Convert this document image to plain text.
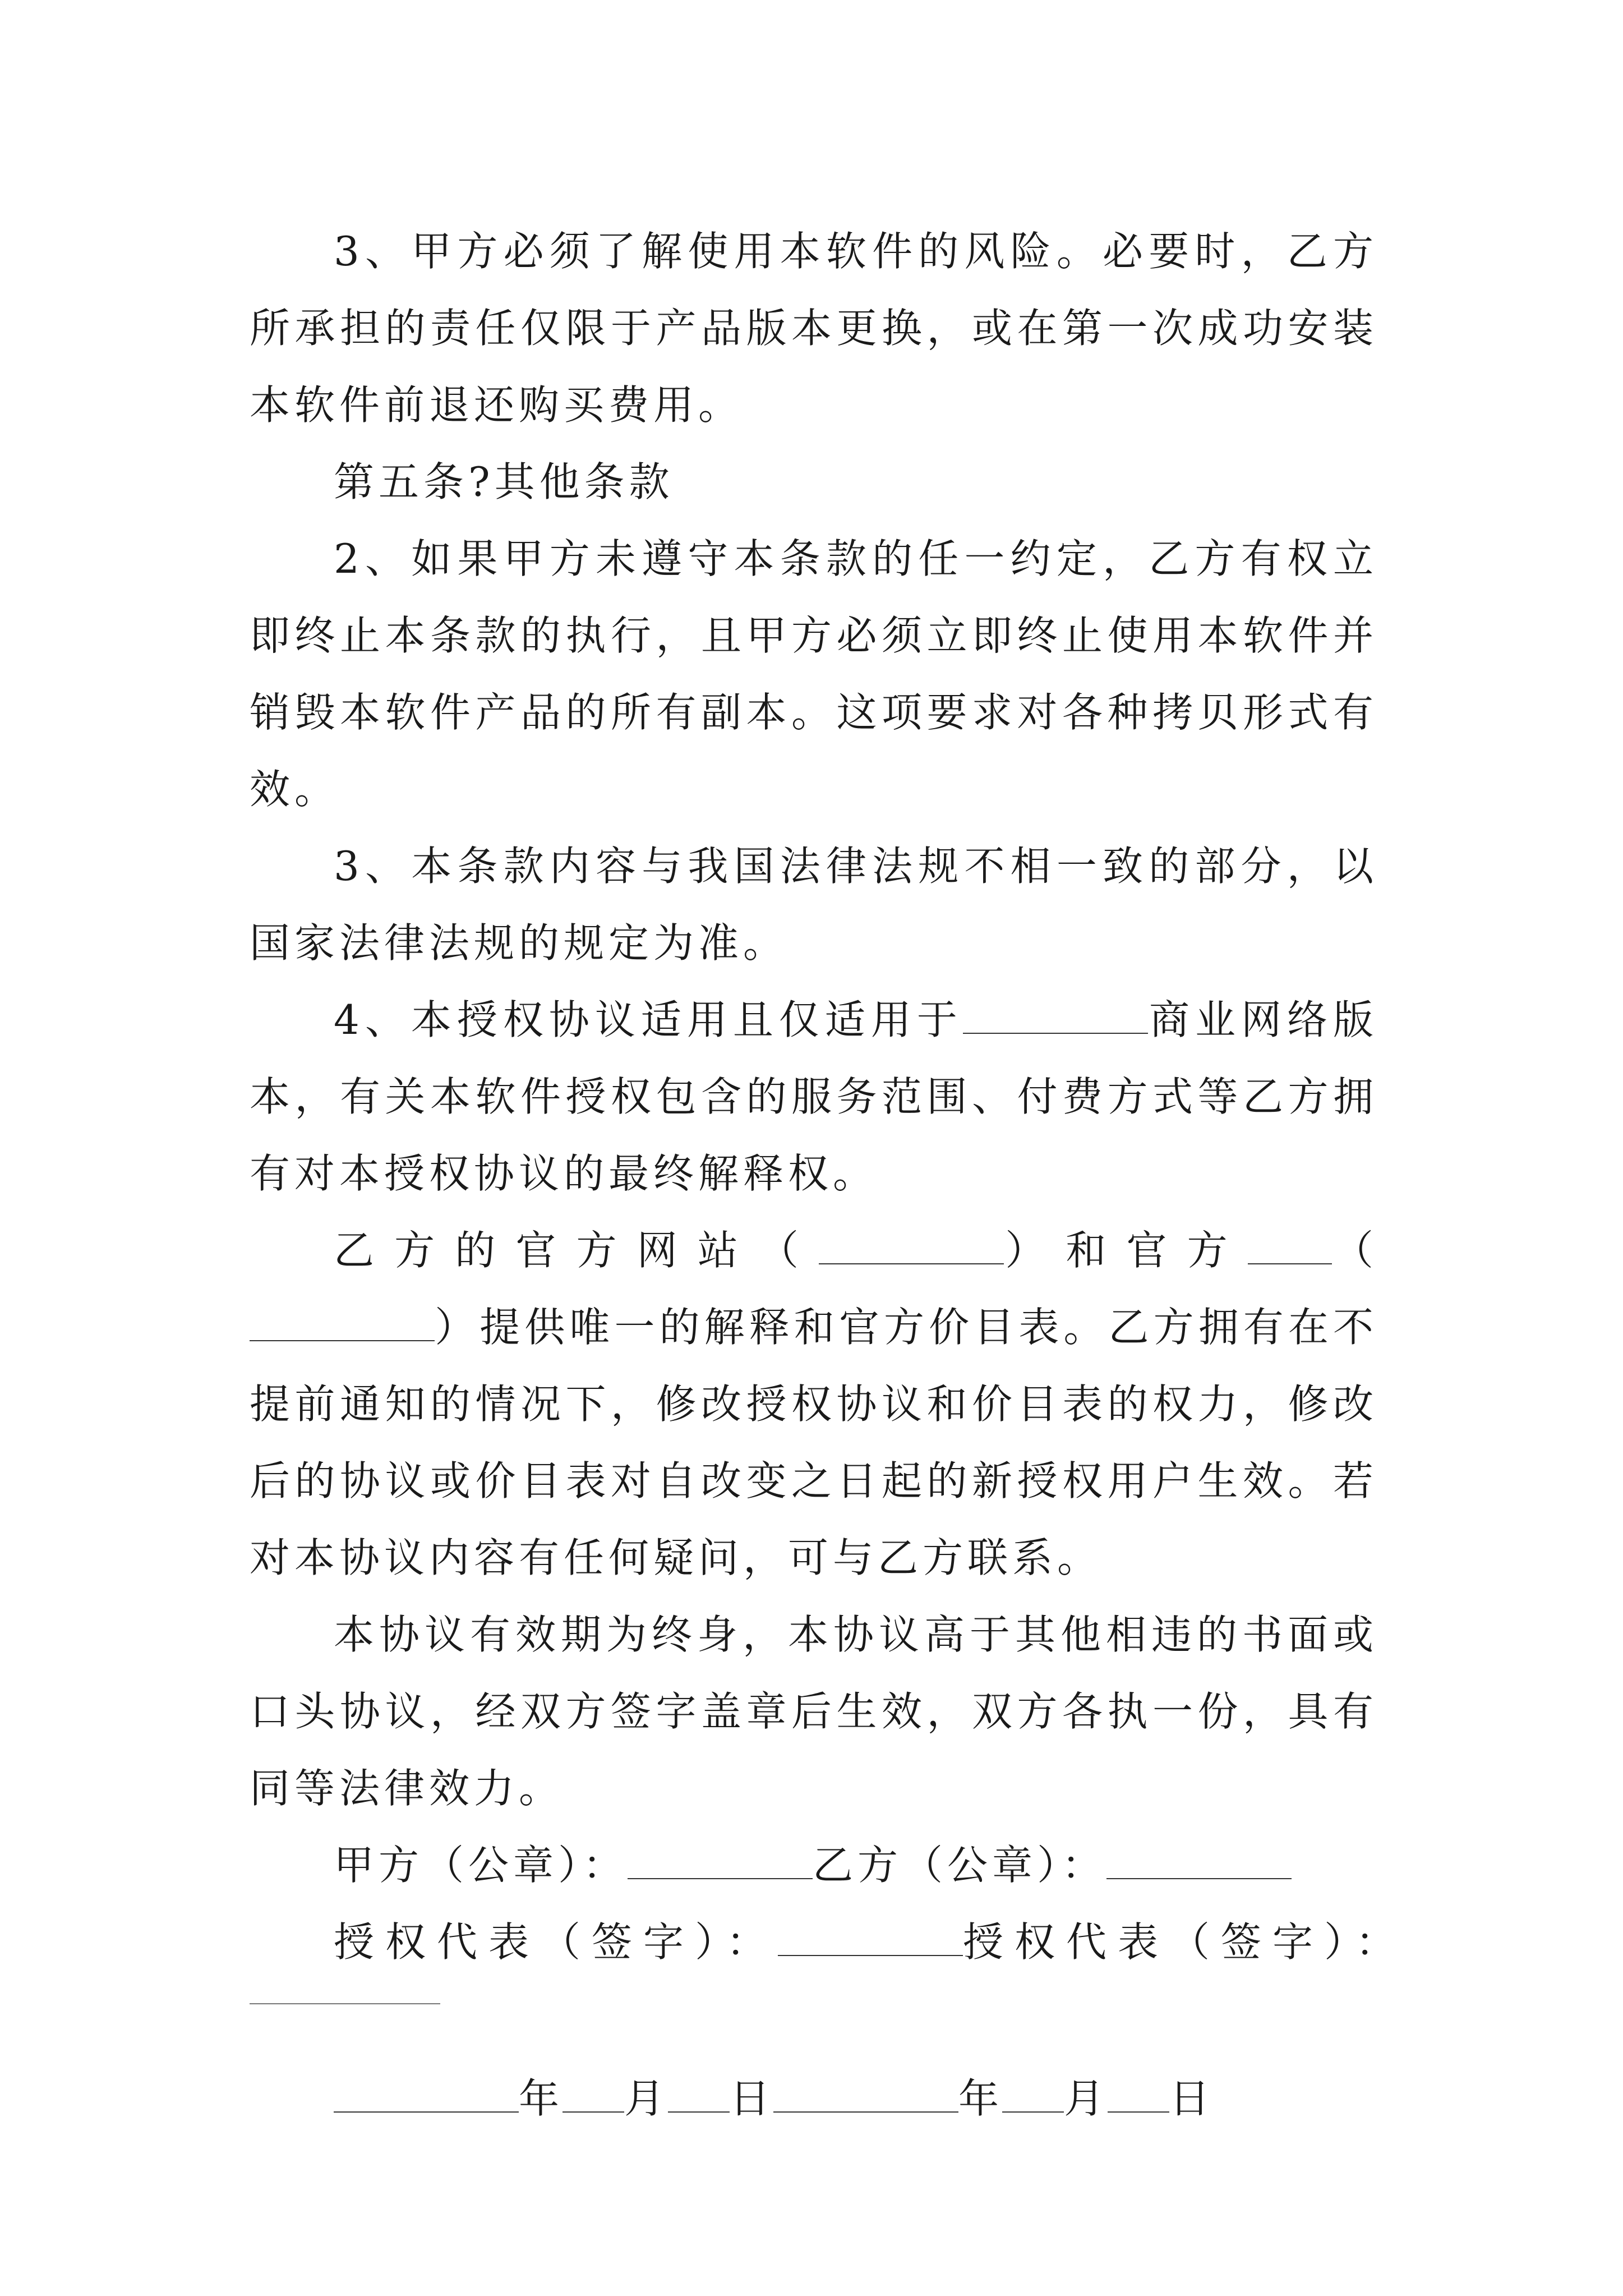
3、甲方必须了解使用本软件的风险。必要时，乙方所承担的责任仅限于产品版本更换，或在第一次成功安装本软件前退还购买费用。

第五条?其他条款

2、如果甲方未遵守本条款的任一约定，乙方有权立即终止本条款的执行，且甲方必须立即终止使用本软件并销毁本软件产品的所有副本。这项要求对各种拷贝形式有效。

3、本条款内容与我国法律法规不相一致的部分，以国家法律法规的规定为准。

4、本授权协议适用且仅适用于	商业网络版本，有关本软件授权包含的服务范围、付费方式等乙方拥有对本授权协议的最终解释权。

乙方的官方网站（	）和官方 （）提供唯一的解释和官方价目表。乙方拥有在不提前通知的情况下，修改授权协议和价目表的权力，修改后的协议或价目表对自改变之日起的新授权用户生效。若对本协议内容有任何疑问，可与乙方联系。

本协议有效期为终身，本协议高于其他相违的书面或口头协议，经双方签字盖章后生效，双方各执一份，具有同等法律效力。

甲方（公章）：	乙方（公章）：

授权代表（签字）：	授权代表（签字）：

年 月 日	年 月 日
